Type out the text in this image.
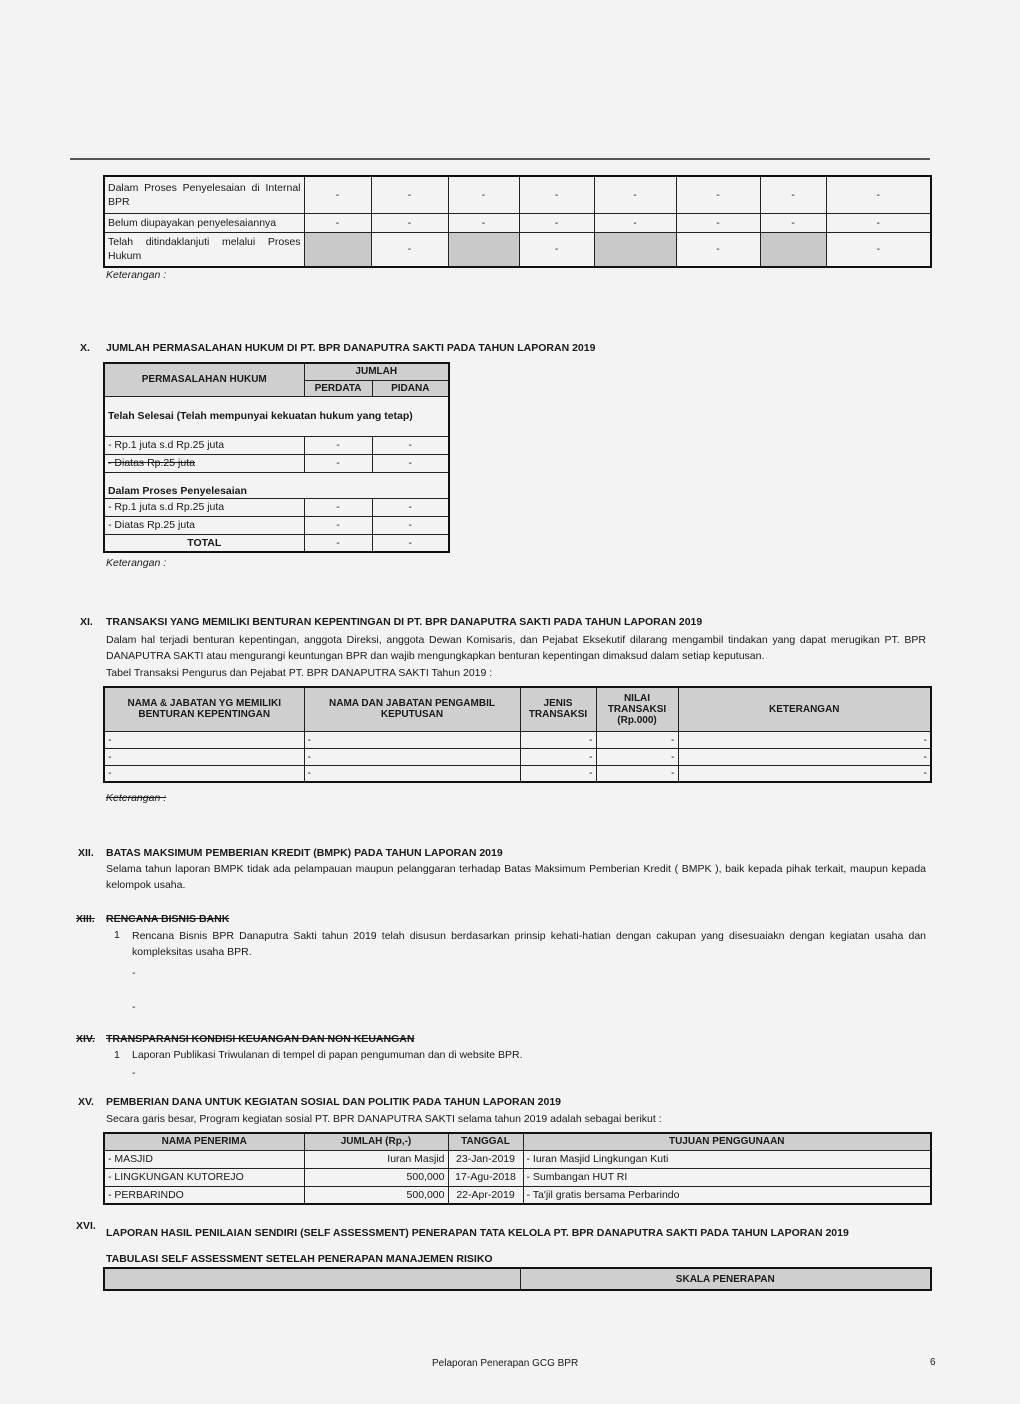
Dalam Proses Penyelesaian di Internal BPR	-	-	-	-	-	-	-	-
Belum diupayakan penyelesaiannya	-	-	-	-	-	-	-	-
Telah ditindaklanjuti melalui Proses Hukum		-		-		-		-
Keterangan :
X. JUMLAH PERMASALAHAN HUKUM DI PT. BPR DANAPUTRA SAKTI PADA TAHUN LAPORAN 2019
PERMASALAHAN HUKUM	JUMLAH	
	PERDATA	PIDANA
Telah Selesai (Telah mempunyai kekuatan hukum yang tetap)		
- Rp.1 juta s.d Rp.25 juta	-	-
- Diatas Rp.25 juta	-	-
Dalam Proses Penyelesaian		
- Rp.1 juta s.d Rp.25 juta	-	-
- Diatas Rp.25 juta	-	-
TOTAL	-	-
Keterangan :
XI. TRANSAKSI YANG MEMILIKI BENTURAN KEPENTINGAN DI PT. BPR DANAPUTRA SAKTI PADA TAHUN LAPORAN 2019
Dalam hal terjadi benturan kepentingan, anggota Direksi, anggota Dewan Komisaris, dan Pejabat Eksekutif dilarang mengambil tindakan yang dapat merugikan PT. BPR DANAPUTRA SAKTI atau mengurangi keuntungan BPR dan wajib mengungkapkan benturan kepentingan dimaksud dalam setiap keputusan.
Tabel Transaksi Pengurus dan Pejabat PT. BPR DANAPUTRA SAKTI Tahun 2019 :
NAMA & JABATAN YG MEMILIKI BENTURAN KEPENTINGAN	NAMA DAN JABATAN PENGAMBIL KEPUTUSAN	JENIS TRANSAKSI	NILAI TRANSAKSI (Rp.000)	KETERANGAN
-	-	-	-	-
-	-	-	-	-
-	-	-	-	-
Keterangan :
XII. BATAS MAKSIMUM PEMBERIAN KREDIT (BMPK) PADA TAHUN LAPORAN 2019
Selama tahun laporan BMPK tidak ada pelampauan maupun pelanggaran terhadap Batas Maksimum Pemberian Kredit ( BMPK ), baik kepada pihak terkait, maupun kepada kelompok usaha.
XIII. RENCANA BISNIS BANK
1 Rencana Bisnis BPR Danaputra Sakti tahun 2019 telah disusun berdasarkan prinsip kehati-hatian dengan cakupan yang disesuaiakn dengan kegiatan usaha dan kompleksitas usaha BPR.
-
-
XIV. TRANSPARANSI KONDISI KEUANGAN DAN NON KEUANGAN
1 Laporan Publikasi Triwulanan di tempel di papan pengumuman dan di website BPR.
-
XV. PEMBERIAN DANA UNTUK KEGIATAN SOSIAL DAN POLITIK PADA TAHUN LAPORAN 2019
Secara garis besar, Program kegiatan sosial PT. BPR DANAPUTRA SAKTI selama tahun 2019 adalah sebagai berikut :
NAMA PENERIMA	JUMLAH (Rp,-)	TANGGAL	TUJUAN PENGGUNAAN
- MASJID	Iuran Masjid	23-Jan-2019	- Iuran Masjid Lingkungan Kuti
- LINGKUNGAN KUTOREJO	500,000	17-Agu-2018	- Sumbangan HUT RI
- PERBARINDO	500,000	22-Apr-2019	- Ta'jil gratis bersama Perbarindo
XVI.
LAPORAN HASIL PENILAIAN SENDIRI (SELF ASSESSMENT) PENERAPAN TATA KELOLA PT. BPR DANAPUTRA SAKTI PADA TAHUN LAPORAN 2019
TABULASI SELF ASSESSMENT SETELAH PENERAPAN MANAJEMEN RISIKO
	SKALA PENERAPAN
Pelaporan Penerapan GCG BPR	6
